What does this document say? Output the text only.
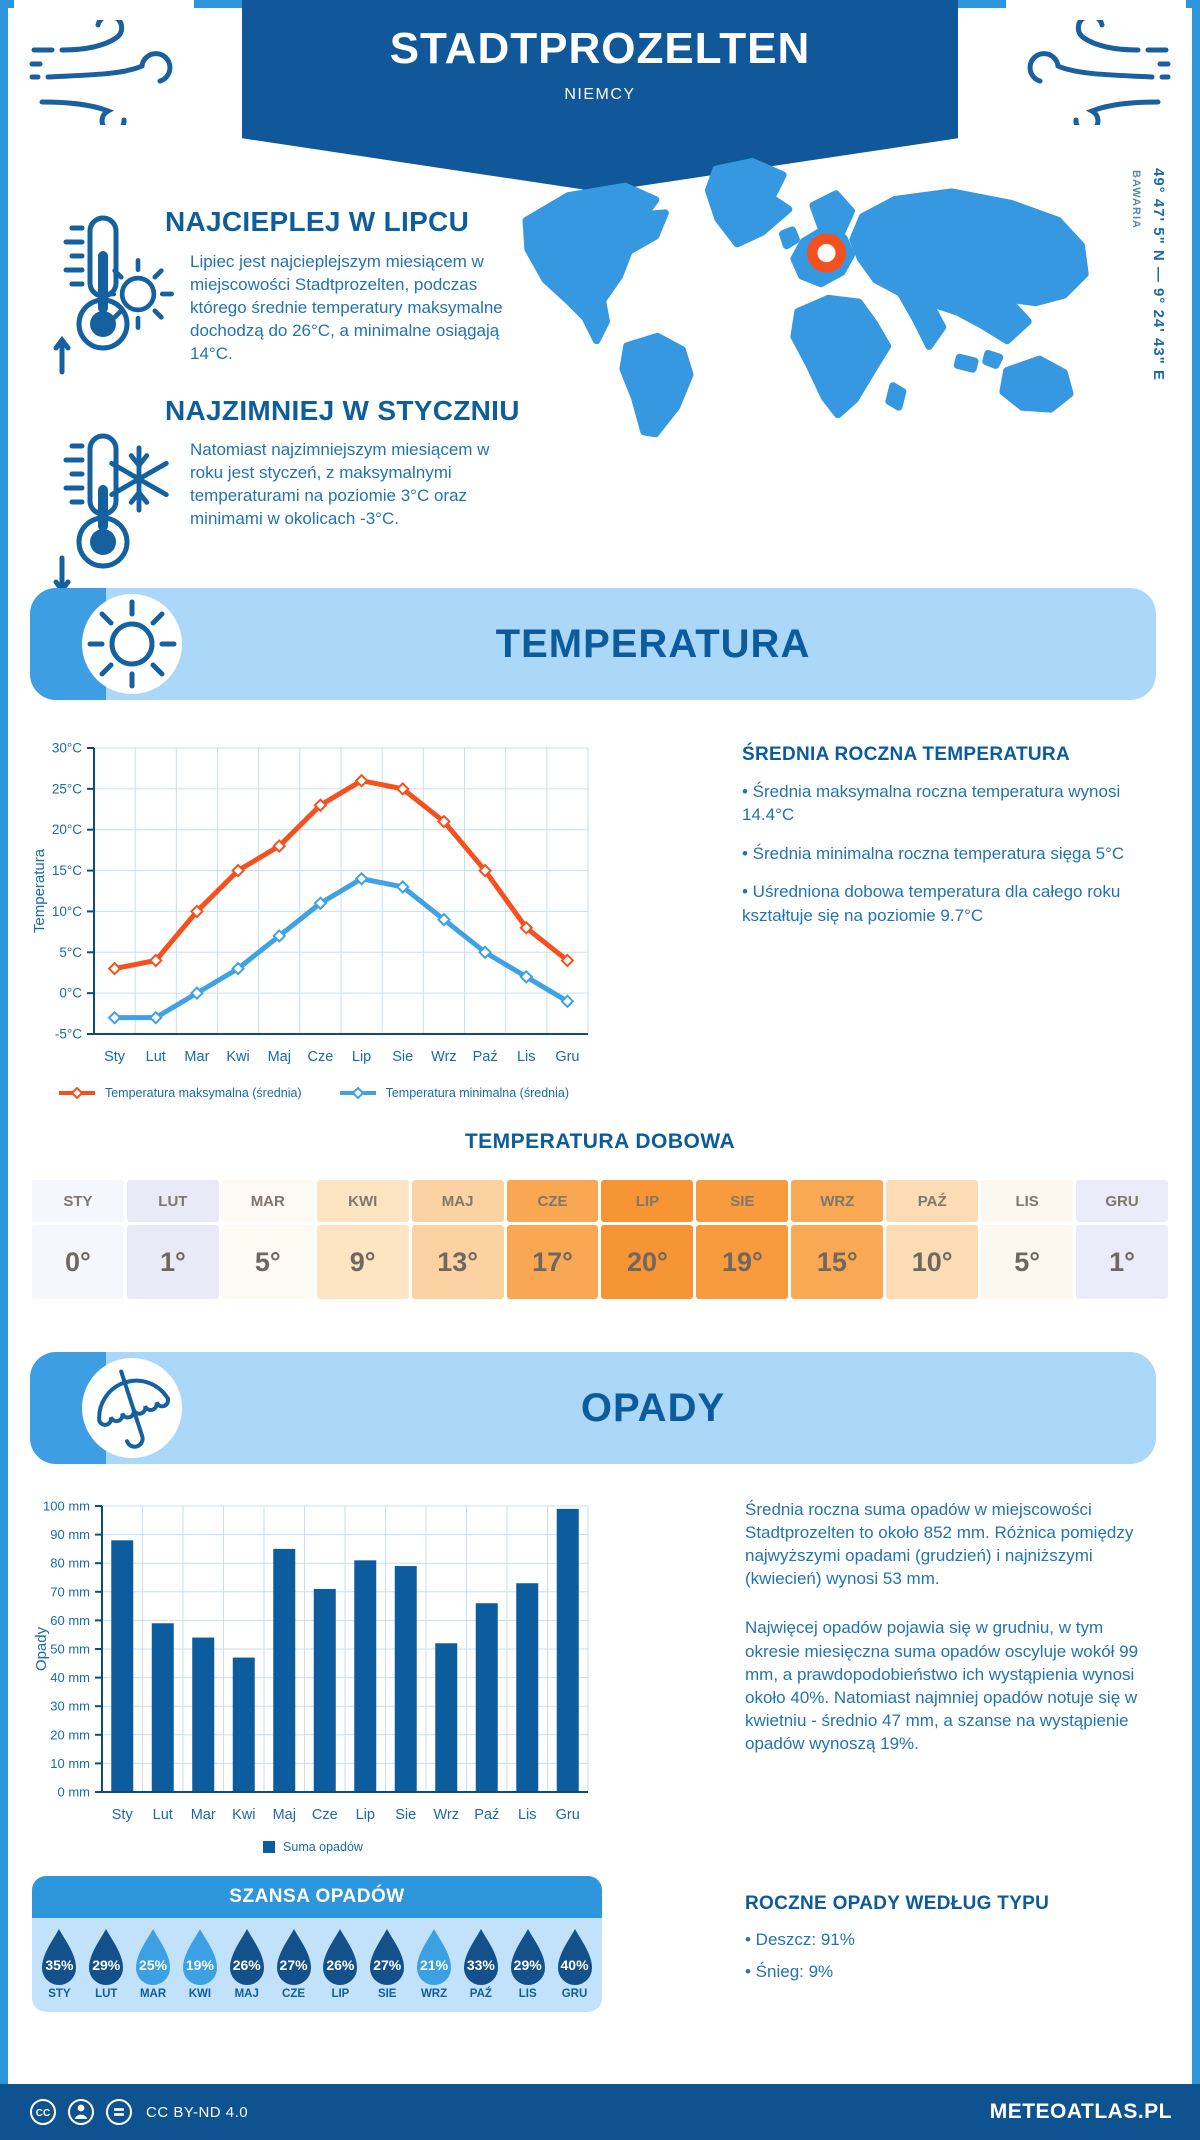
STADTPROZELTEN
NIEMCY
NAJCIEPLEJ W LIPCU
Lipiec jest najcieplejszym miesiącem w miejscowości Stadtprozelten, podczas którego średnie temperatury maksymalne dochodzą do 26°C, a minimalne osiągają 14°C.
NAJZIMNIEJ W STYCZNIU
Natomiast najzimniejszym miesiącem w roku jest styczeń, z maksymalnymi temperaturami na poziomie 3°C oraz minimami w okolicach -3°C.
49° 47' 5" N — 9° 24' 43" E
BAWARIA
TEMPERATURA
-5°C
0°C
5°C
10°C
15°C
20°C
25°C
30°C
Sty Lut Mar Kwi Maj Cze Lip Sie Wrz Paź Lis Gru
Temperatura
Temperatura maksymalna (średnia)	Temperatura minimalna (średnia)
ŚREDNIA ROCZNA TEMPERATURA

• Średnia maksymalna roczna temperatura wynosi 14.4°C

• Średnia minimalna roczna temperatura sięga 5°C

• Uśredniona dobowa temperatura dla całego roku kształtuje się na poziomie 9.7°C

TEMPERATURA DOBOWA
STY	LUT	MAR	KWI	MAJ	CZE	LIP	SIE	WRZ	PAŹ	LIS	GRU
0°	1°	5°	9°	13°	17°	20°	19°	15°	10°	5°	1°
OPADY
0 mm
10 mm
20 mm
30 mm
40 mm
50 mm
60 mm
70 mm
80 mm
90 mm
100 mm
Sty Lut Mar Kwi Maj Cze Lip Sie Wrz Paź Lis Gru
Opady
Suma opadów

Średnia roczna suma opadów w miejscowości Stadtprozelten to około 852 mm. Różnica pomiędzy najwyższymi opadami (grudzień) i najniższymi (kwiecień) wynosi 53 mm.

Najwięcej opadów pojawia się w grudniu, w tym okresie miesięczna suma opadów oscyluje wokół 99 mm, a prawdopodobieństwo ich wystąpienia wynosi około 40%. Natomiast najmniej opadów notuje się w kwietniu - średnio 47 mm, a szanse na wystąpienie opadów wynoszą 19%.

SZANSA OPADÓW
35%
STY
29%
LUT
25%
MAR
19%
KWI
26%
MAJ
27%
CZE
26%
LIP
27%
SIE
21%
WRZ
33%
PAŹ
29%
LIS
40%
GRU
ROCZNE OPADY WEDŁUG TYPU

• Deszcz: 91%

• Śnieg: 9%

CC	CC BY-ND 4.0	METEOATLAS.PL
